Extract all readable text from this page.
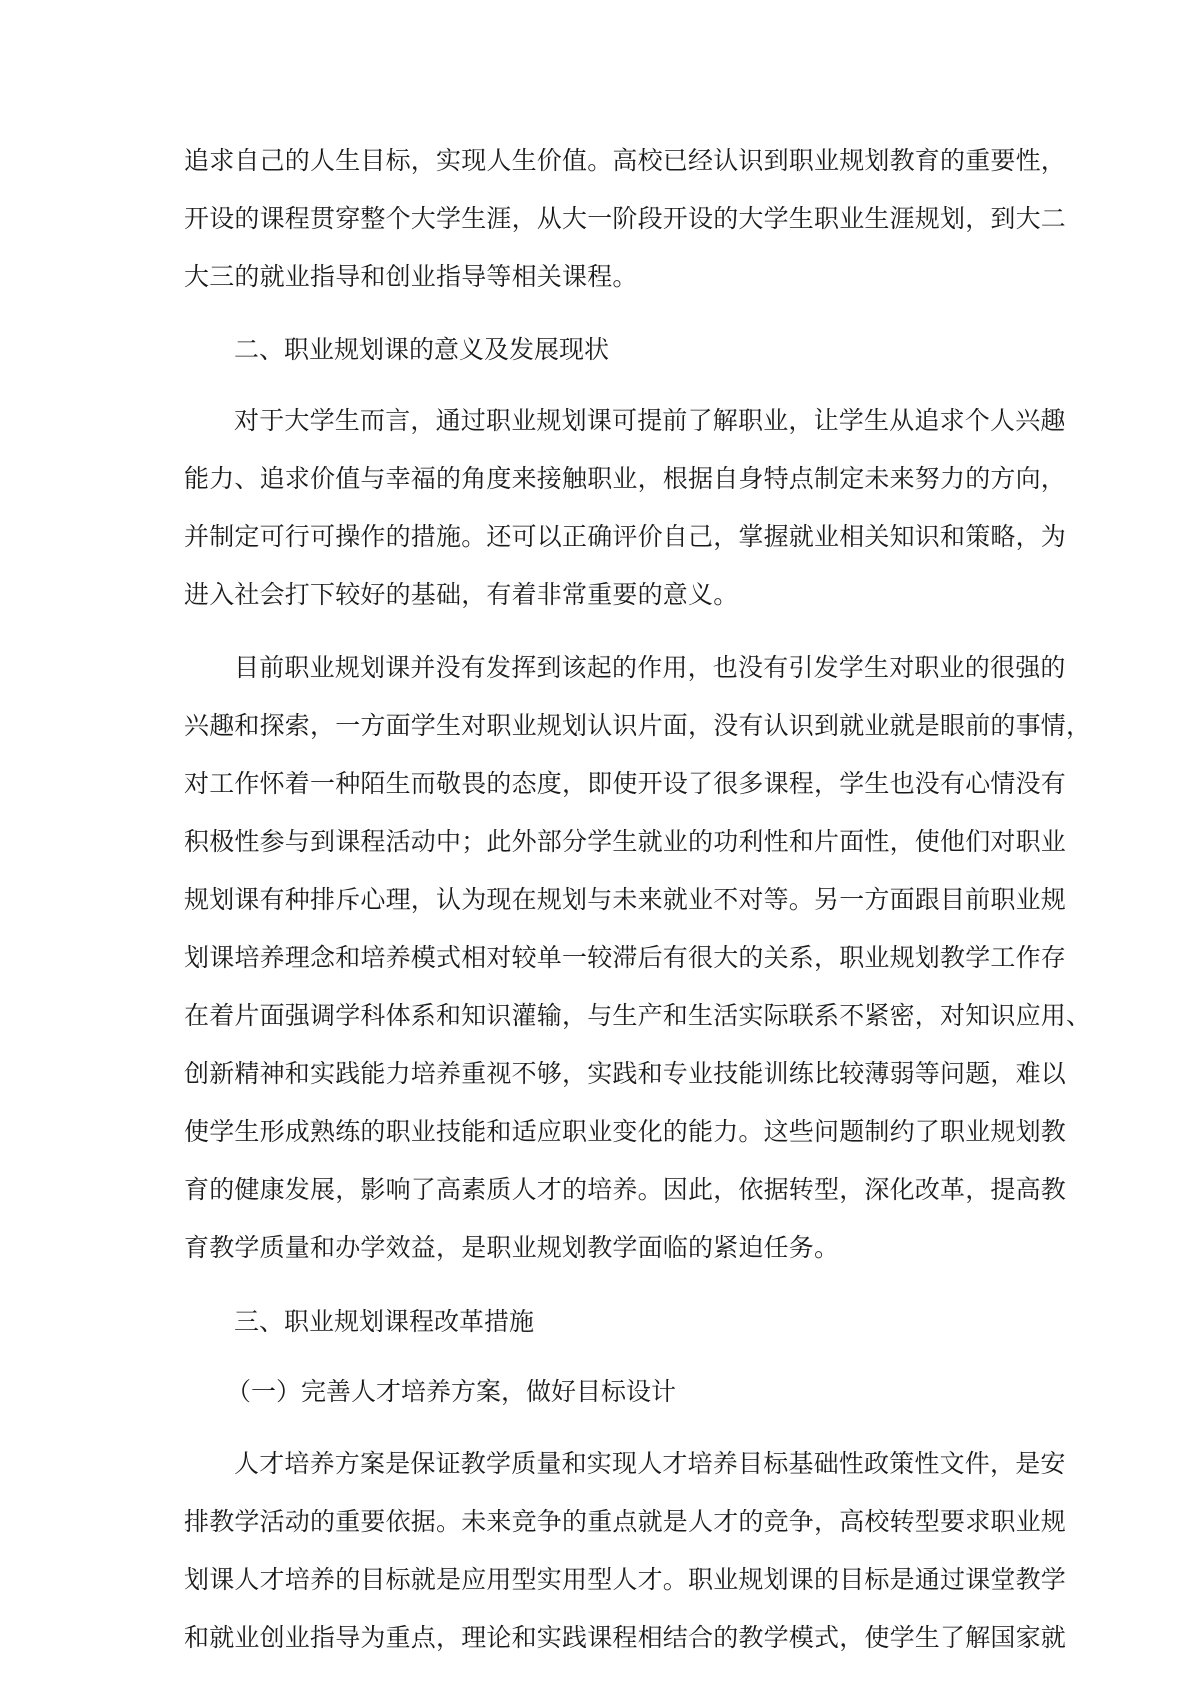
追求自己的人生目标，实现人生价值。高校已经认识到职业规划教育的重要性，
开设的课程贯穿整个大学生涯，从大一阶段开设的大学生职业生涯规划，到大二
大三的就业指导和创业指导等相关课程。
二、职业规划课的意义及发展现状
对于大学生而言，通过职业规划课可提前了解职业，让学生从追求个人兴趣
能力、追求价值与幸福的角度来接触职业，根据自身特点制定未来努力的方向，
并制定可行可操作的措施。还可以正确评价自己，掌握就业相关知识和策略，为
进入社会打下较好的基础，有着非常重要的意义。
目前职业规划课并没有发挥到该起的作用，也没有引发学生对职业的很强的
兴趣和探索，一方面学生对职业规划认识片面，没有认识到就业就是眼前的事情，
对工作怀着一种陌生而敬畏的态度，即使开设了很多课程，学生也没有心情没有
积极性参与到课程活动中；此外部分学生就业的功利性和片面性，使他们对职业
规划课有种排斥心理，认为现在规划与未来就业不对等。另一方面跟目前职业规
划课培养理念和培养模式相对较单一较滞后有很大的关系，职业规划教学工作存
在着片面强调学科体系和知识灌输，与生产和生活实际联系不紧密，对知识应用、
创新精神和实践能力培养重视不够，实践和专业技能训练比较薄弱等问题，难以
使学生形成熟练的职业技能和适应职业变化的能力。这些问题制约了职业规划教
育的健康发展，影响了高素质人才的培养。因此，依据转型，深化改革，提高教
育教学质量和办学效益，是职业规划教学面临的紧迫任务。
三、职业规划课程改革措施
（一）完善人才培养方案，做好目标设计
人才培养方案是保证教学质量和实现人才培养目标基础性政策性文件，是安
排教学活动的重要依据。未来竞争的重点就是人才的竞争，高校转型要求职业规
划课人才培养的目标就是应用型实用型人才。职业规划课的目标是通过课堂教学
和就业创业指导为重点，理论和实践课程相结合的教学模式，使学生了解国家就
